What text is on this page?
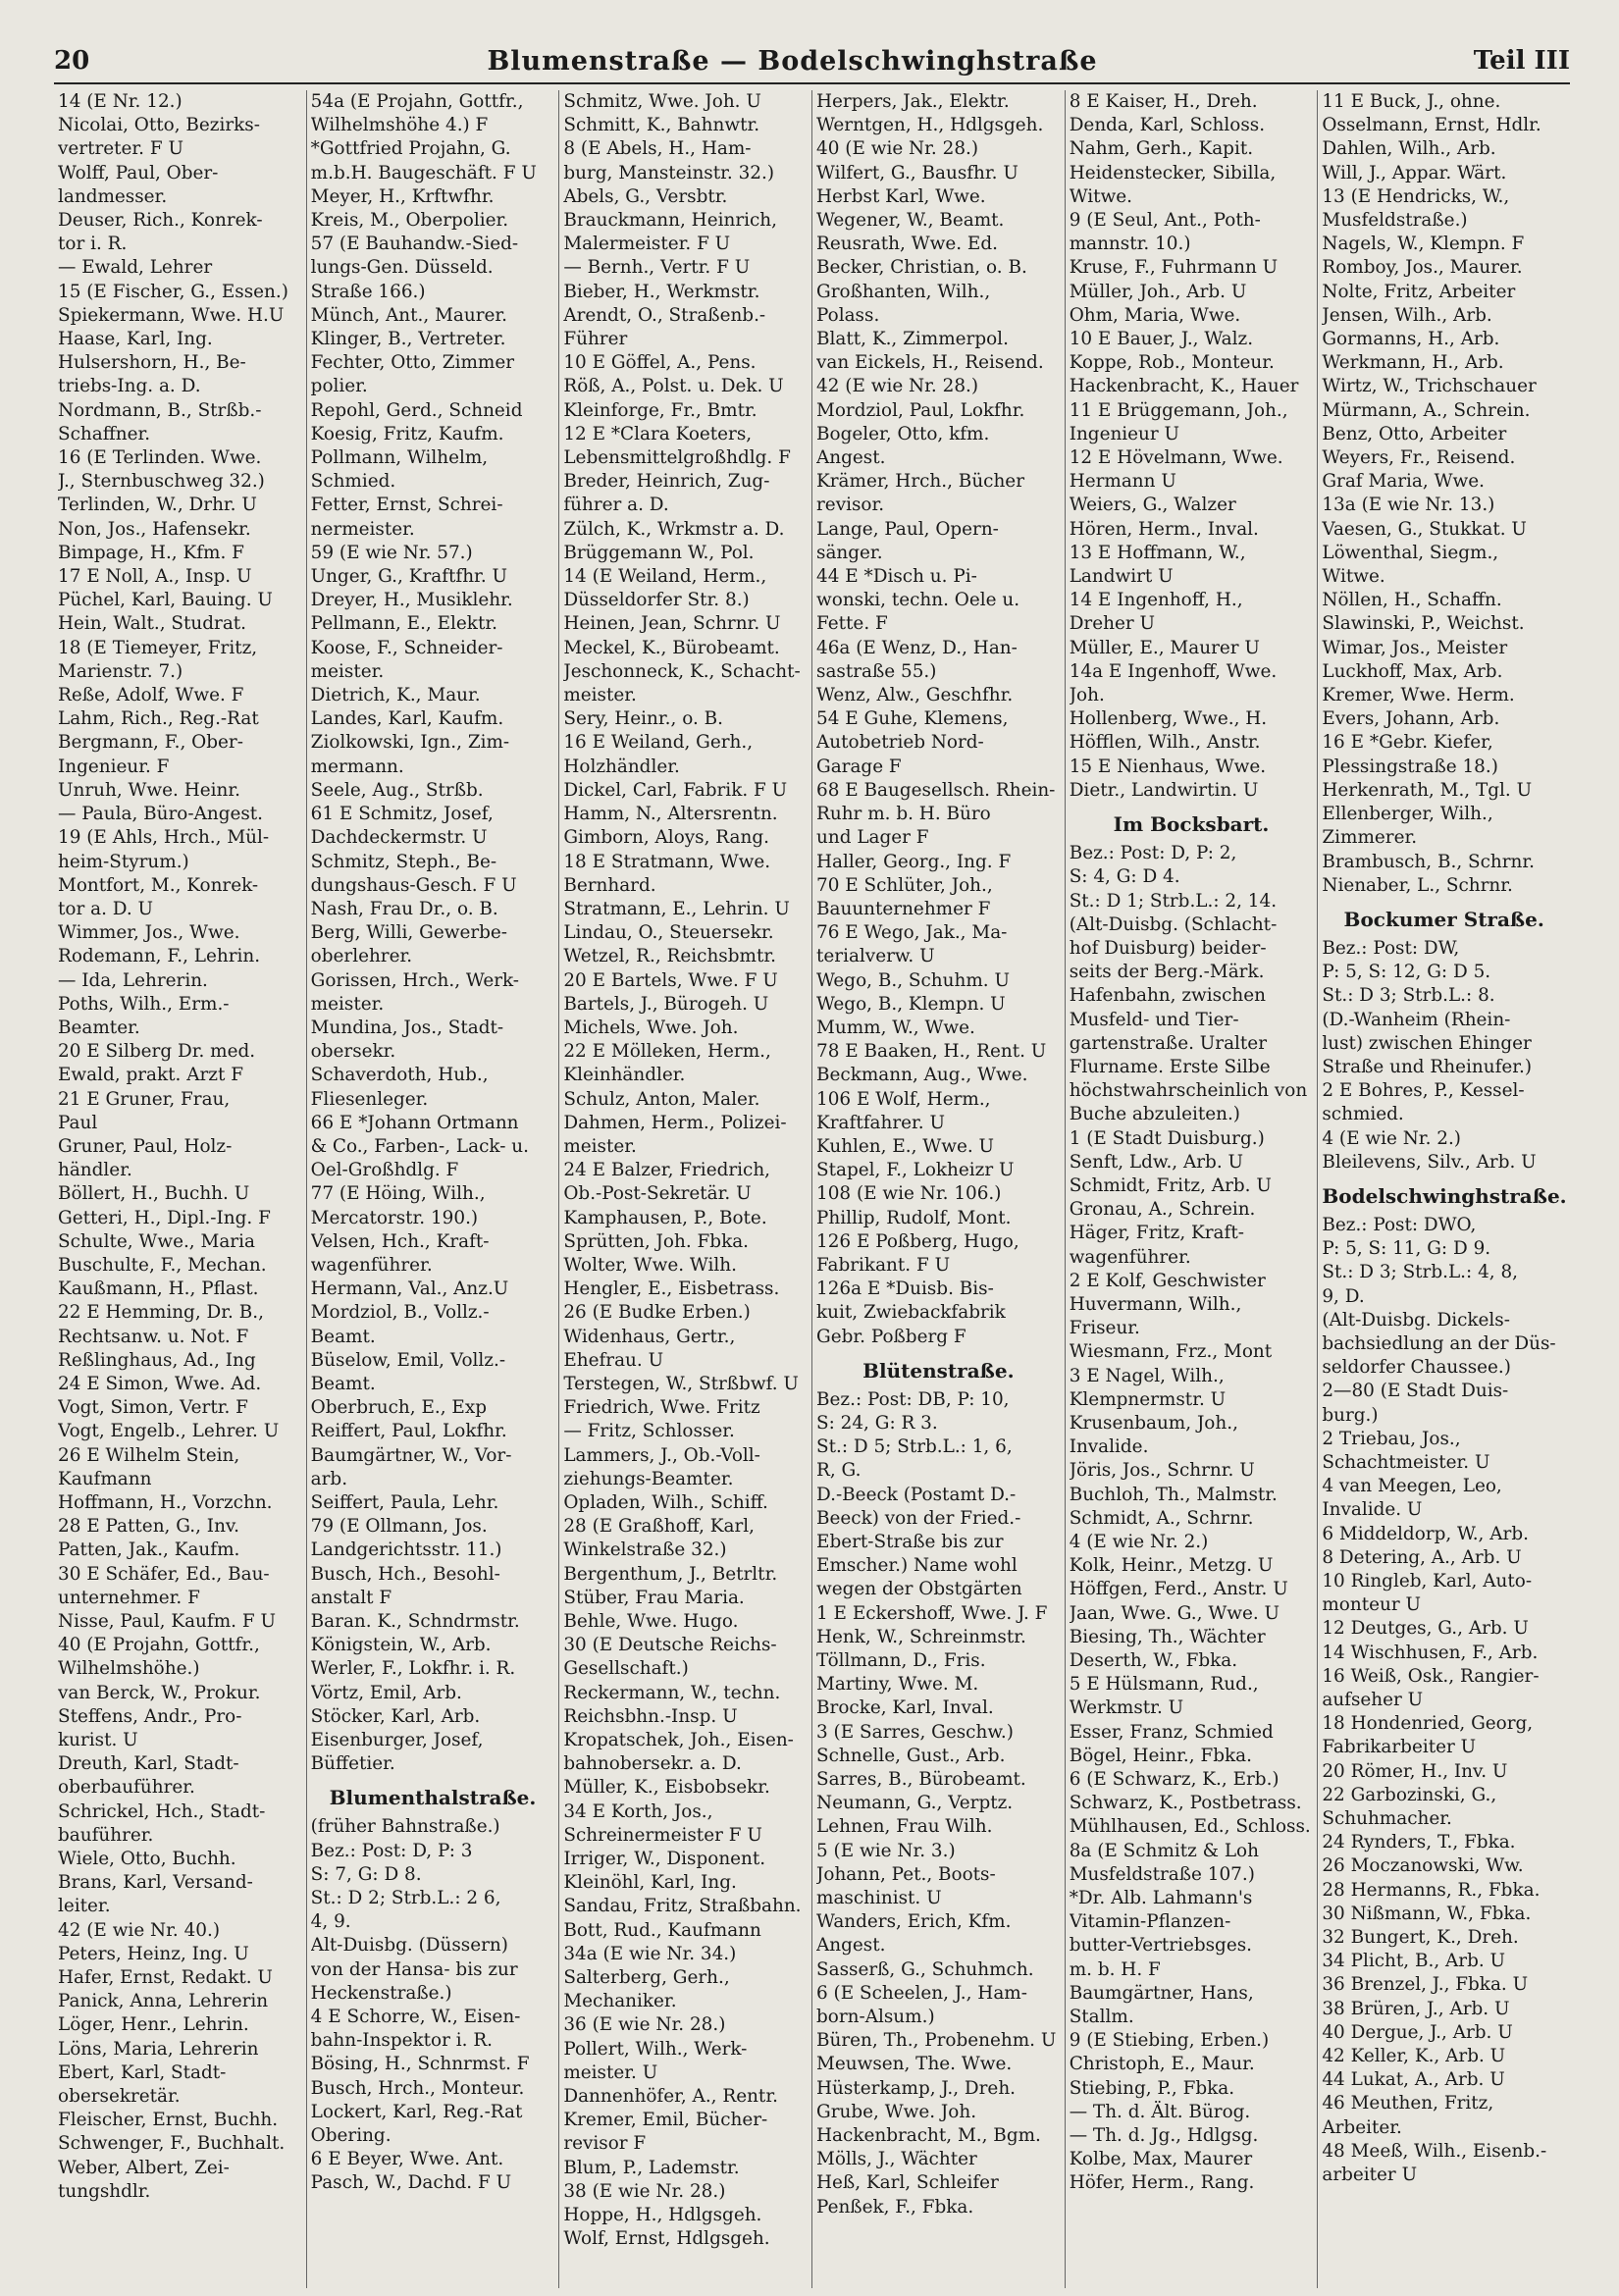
20	Blumenstraße — Bodelschwinghstraße	Teil III

14 (E Nr. 12.)

Nicolai, Otto, Bezirks-

vertreter. F U

Wolff, Paul, Ober-

landmesser.

Deuser, Rich., Konrek-

tor i. R.

— Ewald, Lehrer

15 (E Fischer, G., Essen.)

Spiekermann, Wwe. H.U

Haase, Karl, Ing.

Hulsershorn, H., Be-

triebs-Ing. a. D.

Nordmann, B., Strßb.-

Schaffner.

16 (E Terlinden. Wwe.

J., Sternbuschweg 32.)

Terlinden, W., Drhr. U

Non, Jos., Hafensekr.

Bimpage, H., Kfm. F

17 E Noll, A., Insp. U

Püchel, Karl, Bauing. U

Hein, Walt., Studrat.

18 (E Tiemeyer, Fritz,

Marienstr. 7.)

Reße, Adolf, Wwe. F

Lahm, Rich., Reg.-Rat

Bergmann, F., Ober-

Ingenieur. F

Unruh, Wwe. Heinr.

— Paula, Büro-Angest.

19 (E Ahls, Hrch., Mül-

heim-Styrum.)

Montfort, M., Konrek-

tor a. D. U

Wimmer, Jos., Wwe.

Rodemann, F., Lehrin.

— Ida, Lehrerin.

Poths, Wilh., Erm.-

Beamter.

20 E Silberg Dr. med.

Ewald, prakt. Arzt F

21 E Gruner, Frau,

Paul

Gruner, Paul, Holz-

händler.

Böllert, H., Buchh. U

Getteri, H., Dipl.-Ing. F

Schulte, Wwe., Maria

Buschulte, F., Mechan.

Kaußmann, H., Pflast.

22 E Hemming, Dr. B.,

Rechtsanw. u. Not. F

Reßlinghaus, Ad., Ing

24 E Simon, Wwe. Ad.

Vogt, Simon, Vertr. F

Vogt, Engelb., Lehrer. U

26 E Wilhelm Stein,

Kaufmann

Hoffmann, H., Vorzchn.

28 E Patten, G., Inv.

Patten, Jak., Kaufm.

30 E Schäfer, Ed., Bau-

unternehmer. F

Nisse, Paul, Kaufm. F U

40 (E Projahn, Gottfr.,

Wilhelmshöhe.)

van Berck, W., Prokur.

Steffens, Andr., Pro-

kurist. U

Dreuth, Karl, Stadt-

oberbauführer.

Schrickel, Hch., Stadt-

bauführer.

Wiele, Otto, Buchh.

Brans, Karl, Versand-

leiter.

42 (E wie Nr. 40.)

Peters, Heinz, Ing. U

Hafer, Ernst, Redakt. U

Panick, Anna, Lehrerin

Löger, Henr., Lehrin.

Löns, Maria, Lehrerin

Ebert, Karl, Stadt-

obersekretär.

Fleischer, Ernst, Buchh.

Schwenger, F., Buchhalt.

Weber, Albert, Zei-

tungshdlr.

54a (E Projahn, Gottfr.,

Wilhelmshöhe 4.) F

*Gottfried Projahn, G.

m.b.H. Baugeschäft. F U

Meyer, H., Krftwfhr.

Kreis, M., Oberpolier.

57 (E Bauhandw.-Sied-

lungs-Gen. Düsseld.

Straße 166.)

Münch, Ant., Maurer.

Klinger, B., Vertreter.

Fechter, Otto, Zimmer

polier.

Repohl, Gerd., Schneid

Koesig, Fritz, Kaufm.

Pollmann, Wilhelm,

Schmied.

Fetter, Ernst, Schrei-

nermeister.

59 (E wie Nr. 57.)

Unger, G., Kraftfhr. U

Dreyer, H., Musiklehr.

Pellmann, E., Elektr.

Koose, F., Schneider-

meister.

Dietrich, K., Maur.

Landes, Karl, Kaufm.

Ziolkowski, Ign., Zim-

mermann.

Seele, Aug., Strßb.

61 E Schmitz, Josef,

Dachdeckermstr. U

Schmitz, Steph., Be-

dungshaus-Gesch. F U

Nash, Frau Dr., o. B.

Berg, Willi, Gewerbe-

oberlehrer.

Gorissen, Hrch., Werk-

meister.

Mundina, Jos., Stadt-

obersekr.

Schaverdoth, Hub.,

Fliesenleger.

66 E *Johann Ortmann

& Co., Farben-, Lack- u.

Oel-Großhdlg. F

77 (E Höing, Wilh.,

Mercatorstr. 190.)

Velsen, Hch., Kraft-

wagenführer.

Hermann, Val., Anz.U

Mordziol, B., Vollz.-

Beamt.

Büselow, Emil, Vollz.-

Beamt.

Oberbruch, E., Exp

Reiffert, Paul, Lokfhr.

Baumgärtner, W., Vor-

arb.

Seiffert, Paula, Lehr.

79 (E Ollmann, Jos.

Landgerichtsstr. 11.)

Busch, Hch., Besohl-

anstalt F

Baran. K., Schndrmstr.

Königstein, W., Arb.

Werler, F., Lokfhr. i. R.

Vörtz, Emil, Arb.

Stöcker, Karl, Arb.

Eisenburger, Josef,

Büffetier.

Blumenthalstraße.

(früher Bahnstraße.)

Bez.: Post: D, P: 3

S: 7, G: D 8.

St.: D 2; Strb.L.: 2 6,

4, 9.

Alt-Duisbg. (Düssern)

von der Hansa- bis zur

Heckenstraße.)

4 E Schorre, W., Eisen-

bahn-Inspektor i. R.

Bösing, H., Schnrmst. F

Busch, Hrch., Monteur.

Lockert, Karl, Reg.-Rat

Obering.

6 E Beyer, Wwe. Ant.

Pasch, W., Dachd. F U

Schmitz, Wwe. Joh. U

Schmitt, K., Bahnwtr.

8 (E Abels, H., Ham-

burg, Mansteinstr. 32.)

Abels, G., Versbtr.

Brauckmann, Heinrich,

Malermeister. F U

— Bernh., Vertr. F U

Bieber, H., Werkmstr.

Arendt, O., Straßenb.-

Führer

10 E Göffel, A., Pens.

Röß, A., Polst. u. Dek. U

Kleinforge, Fr., Bmtr.

12 E *Clara Koeters,

Lebensmittelgroßhdlg. F

Breder, Heinrich, Zug-

führer a. D.

Zülch, K., Wrkmstr a. D.

Brüggemann W., Pol.

14 (E Weiland, Herm.,

Düsseldorfer Str. 8.)

Heinen, Jean, Schrnr. U

Meckel, K., Bürobeamt.

Jeschonneck, K., Schacht-

meister.

Sery, Heinr., o. B.

16 E Weiland, Gerh.,

Holzhändler.

Dickel, Carl, Fabrik. F U

Hamm, N., Altersrentn.

Gimborn, Aloys, Rang.

18 E Stratmann, Wwe.

Bernhard.

Stratmann, E., Lehrin. U

Lindau, O., Steuersekr.

Wetzel, R., Reichsbmtr.

20 E Bartels, Wwe. F U

Bartels, J., Bürogeh. U

Michels, Wwe. Joh.

22 E Mölleken, Herm.,

Kleinhändler.

Schulz, Anton, Maler.

Dahmen, Herm., Polizei-

meister.

24 E Balzer, Friedrich,

Ob.-Post-Sekretär. U

Kamphausen, P., Bote.

Sprütten, Joh. Fbka.

Wolter, Wwe. Wilh.

Hengler, E., Eisbetrass.

26 (E Budke Erben.)

Widenhaus, Gertr.,

Ehefrau. U

Terstegen, W., Strßbwf. U

Friedrich, Wwe. Fritz

— Fritz, Schlosser.

Lammers, J., Ob.-Voll-

ziehungs-Beamter.

Opladen, Wilh., Schiff.

28 (E Graßhoff, Karl,

Winkelstraße 32.)

Bergenthum, J., Betrltr.

Stüber, Frau Maria.

Behle, Wwe. Hugo.

30 (E Deutsche Reichs-

Gesellschaft.)

Reckermann, W., techn.

Reichsbhn.-Insp. U

Kropatschek, Joh., Eisen-

bahnobersekr. a. D.

Müller, K., Eisbobsekr.

34 E Korth, Jos.,

Schreinermeister F U

Irriger, W., Disponent.

Kleinöhl, Karl, Ing.

Sandau, Fritz, Straßbahn.

Bott, Rud., Kaufmann

34a (E wie Nr. 34.)

Salterberg, Gerh.,

Mechaniker.

36 (E wie Nr. 28.)

Pollert, Wilh., Werk-

meister. U

Dannenhöfer, A., Rentr.

Kremer, Emil, Bücher-

revisor F

Blum, P., Lademstr.

38 (E wie Nr. 28.)

Hoppe, H., Hdlgsgeh.

Wolf, Ernst, Hdlgsgeh.

Herpers, Jak., Elektr.

Werntgen, H., Hdlgsgeh.

40 (E wie Nr. 28.)

Wilfert, G., Bausfhr. U

Herbst Karl, Wwe.

Wegener, W., Beamt.

Reusrath, Wwe. Ed.

Becker, Christian, o. B.

Großhanten, Wilh.,

Polass.

Blatt, K., Zimmerpol.

van Eickels, H., Reisend.

42 (E wie Nr. 28.)

Mordziol, Paul, Lokfhr.

Bogeler, Otto, kfm.

Angest.

Krämer, Hrch., Bücher

revisor.

Lange, Paul, Opern-

sänger.

44 E *Disch u. Pi-

wonski, techn. Oele u.

Fette. F

46a (E Wenz, D., Han-

sastraße 55.)

Wenz, Alw., Geschfhr.

54 E Guhe, Klemens,

Autobetrieb Nord-

Garage F

68 E Baugesellsch. Rhein-

Ruhr m. b. H. Büro

und Lager F

Haller, Georg., Ing. F

70 E Schlüter, Joh.,

Bauunternehmer F

76 E Wego, Jak., Ma-

terialverw. U

Wego, B., Schuhm. U

Wego, B., Klempn. U

Mumm, W., Wwe.

78 E Baaken, H., Rent. U

Beckmann, Aug., Wwe.

106 E Wolf, Herm.,

Kraftfahrer. U

Kuhlen, E., Wwe. U

Stapel, F., Lokheizr U

108 (E wie Nr. 106.)

Phillip, Rudolf, Mont.

126 E Poßberg, Hugo,

Fabrikant. F U

126a E *Duisb. Bis-

kuit, Zwiebackfabrik

Gebr. Poßberg F

Blütenstraße.

Bez.: Post: DB, P: 10,

S: 24, G: R 3.

St.: D 5; Strb.L.: 1, 6,

R, G.

D.-Beeck (Postamt D.-

Beeck) von der Fried.-

Ebert-Straße bis zur

Emscher.) Name wohl

wegen der Obstgärten

1 E Eckershoff, Wwe. J. F

Henk, W., Schreinmstr.

Töllmann, D., Fris.

Martiny, Wwe. M.

Brocke, Karl, Inval.

3 (E Sarres, Geschw.)

Schnelle, Gust., Arb.

Sarres, B., Bürobeamt.

Neumann, G., Verptz.

Lehnen, Frau Wilh.

5 (E wie Nr. 3.)

Johann, Pet., Boots-

maschinist. U

Wanders, Erich, Kfm.

Angest.

Sasserß, G., Schuhmch.

6 (E Scheelen, J., Ham-

born-Alsum.)

Büren, Th., Probenehm. U

Meuwsen, The. Wwe.

Hüsterkamp, J., Dreh.

Grube, Wwe. Joh.

Hackenbracht, M., Bgm.

Mölls, J., Wächter

Heß, Karl, Schleifer

Penßek, F., Fbka.

8 E Kaiser, H., Dreh.

Denda, Karl, Schloss.

Nahm, Gerh., Kapit.

Heidenstecker, Sibilla,

Witwe.

9 (E Seul, Ant., Poth-

mannstr. 10.)

Kruse, F., Fuhrmann U

Müller, Joh., Arb. U

Ohm, Maria, Wwe.

10 E Bauer, J., Walz.

Koppe, Rob., Monteur.

Hackenbracht, K., Hauer

11 E Brüggemann, Joh.,

Ingenieur U

12 E Hövelmann, Wwe.

Hermann U

Weiers, G., Walzer

Hören, Herm., Inval.

13 E Hoffmann, W.,

Landwirt U

14 E Ingenhoff, H.,

Dreher U

Müller, E., Maurer U

14a E Ingenhoff, Wwe.

Joh.

Hollenberg, Wwe., H.

Höfflen, Wilh., Anstr.

15 E Nienhaus, Wwe.

Dietr., Landwirtin. U

Im Bocksbart.

Bez.: Post: D, P: 2,

S: 4, G: D 4.

St.: D 1; Strb.L.: 2, 14.

(Alt-Duisbg. (Schlacht-

hof Duisburg) beider-

seits der Berg.-Märk.

Hafenbahn, zwischen

Musfeld- und Tier-

gartenstraße. Uralter

Flurname. Erste Silbe

höchstwahrscheinlich von

Buche abzuleiten.)

1 (E Stadt Duisburg.)

Senft, Ldw., Arb. U

Schmidt, Fritz, Arb. U

Gronau, A., Schrein.

Häger, Fritz, Kraft-

wagenführer.

2 E Kolf, Geschwister

Huvermann, Wilh.,

Friseur.

Wiesmann, Frz., Mont

3 E Nagel, Wilh.,

Klempnermstr. U

Krusenbaum, Joh.,

Invalide.

Jöris, Jos., Schrnr. U

Buchloh, Th., Malmstr.

Schmidt, A., Schrnr.

4 (E wie Nr. 2.)

Kolk, Heinr., Metzg. U

Höffgen, Ferd., Anstr. U

Jaan, Wwe. G., Wwe. U

Biesing, Th., Wächter

Deserth, W., Fbka.

5 E Hülsmann, Rud.,

Werkmstr. U

Esser, Franz, Schmied

Bögel, Heinr., Fbka.

6 (E Schwarz, K., Erb.)

Schwarz, K., Postbetrass.

Mühlhausen, Ed., Schloss.

8a (E Schmitz & Loh

Musfeldstraße 107.)

*Dr. Alb. Lahmann's

Vitamin-Pflanzen-

butter-Vertriebsges.

m. b. H. F

Baumgärtner, Hans,

Stallm.

9 (E Stiebing, Erben.)

Christoph, E., Maur.

Stiebing, P., Fbka.

— Th. d. Ält. Bürog.

— Th. d. Jg., Hdlgsg.

Kolbe, Max, Maurer

Höfer, Herm., Rang.

11 E Buck, J., ohne.

Osselmann, Ernst, Hdlr.

Dahlen, Wilh., Arb.

Will, J., Appar. Wärt.

13 (E Hendricks, W.,

Musfeldstraße.)

Nagels, W., Klempn. F

Romboy, Jos., Maurer.

Nolte, Fritz, Arbeiter

Jensen, Wilh., Arb.

Gormanns, H., Arb.

Werkmann, H., Arb.

Wirtz, W., Trichschauer

Mürmann, A., Schrein.

Benz, Otto, Arbeiter

Weyers, Fr., Reisend.

Graf Maria, Wwe.

13a (E wie Nr. 13.)

Vaesen, G., Stukkat. U

Löwenthal, Siegm.,

Witwe.

Nöllen, H., Schaffn.

Slawinski, P., Weichst.

Wimar, Jos., Meister

Luckhoff, Max, Arb.

Kremer, Wwe. Herm.

Evers, Johann, Arb.

16 E *Gebr. Kiefer,

Plessingstraße 18.)

Herkenrath, M., Tgl. U

Ellenberger, Wilh.,

Zimmerer.

Brambusch, B., Schrnr.

Nienaber, L., Schrnr.

Bockumer Straße.

Bez.: Post: DW,

P: 5, S: 12, G: D 5.

St.: D 3; Strb.L.: 8.

(D.-Wanheim (Rhein-

lust) zwischen Ehinger

Straße und Rheinufer.)

2 E Bohres, P., Kessel-

schmied.

4 (E wie Nr. 2.)

Bleilevens, Silv., Arb. U

Bodelschwinghstraße.

Bez.: Post: DWO,

P: 5, S: 11, G: D 9.

St.: D 3; Strb.L.: 4, 8,

9, D.

(Alt-Duisbg. Dickels-

bachsiedlung an der Düs-

seldorfer Chaussee.)

2—80 (E Stadt Duis-

burg.)

2 Triebau, Jos.,

Schachtmeister. U

4 van Meegen, Leo,

Invalide. U

6 Middeldorp, W., Arb.

8 Detering, A., Arb. U

10 Ringleb, Karl, Auto-

monteur U

12 Deutges, G., Arb. U

14 Wischhusen, F., Arb.

16 Weiß, Osk., Rangier-

aufseher U

18 Hondenried, Georg,

Fabrikarbeiter U

20 Römer, H., Inv. U

22 Garbozinski, G.,

Schuhmacher.

24 Rynders, T., Fbka.

26 Moczanowski, Ww.

28 Hermanns, R., Fbka.

30 Nißmann, W., Fbka.

32 Bungert, K., Dreh.

34 Plicht, B., Arb. U

36 Brenzel, J., Fbka. U

38 Brüren, J., Arb. U

40 Dergue, J., Arb. U

42 Keller, K., Arb. U

44 Lukat, A., Arb. U

46 Meuthen, Fritz,

Arbeiter.

48 Meeß, Wilh., Eisenb.-

arbeiter U
